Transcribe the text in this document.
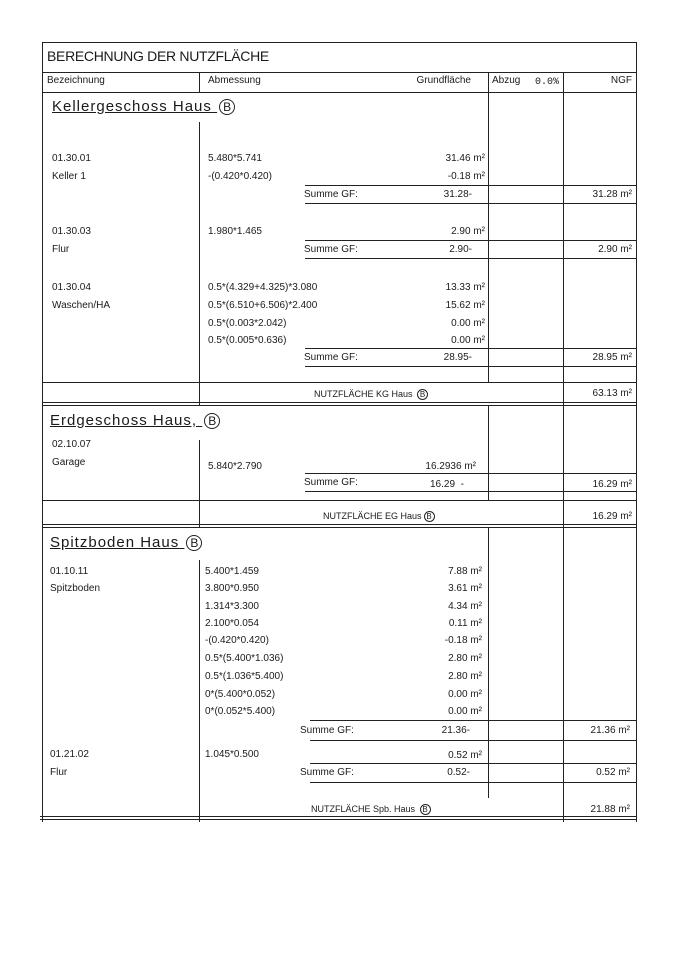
BERECHNUNG DER NUTZFLÄCHE
Bezeichnung	Abmessung	Grundfläche Abzug 0.0%	NGF
Kellergeschoss Haus B
01.30.01
Keller 1
5.480*5.741	31.46 m²
-(0.420*0.420)	-0.18 m²
Summe GF:	31.28-	31.28 m²
01.30.03
Flur
1.980*1.465	2.90 m²
Summe GF:	2.90-	2.90 m²
01.30.04
Waschen/HA
0.5*(4.329+4.325)*3.080	13.33 m²
0.5*(6.510+6.506)*2.400	15.62 m²
0.5*(0.003*2.042)	0.00 m²
0.5*(0.005*0.636)	0.00 m²
Summe GF:	28.95-	28.95 m²
NUTZFLÄCHE KG Haus B	63.13 m²
Erdgeschoss Haus, B
02.10.07
Garage	5.840*2.790	16.2936 m²
Summe GF:	16.29  -	16.29 m²
NUTZFLÄCHE EG Haus B	16.29 m²
Spitzboden Haus B
01.10.11
Spitzboden
5.400*1.459	7.88 m²
3.800*0.950	3.61 m²
1.314*3.300	4.34 m²
2.100*0.054	0.11 m²
-(0.420*0.420)	-0.18 m²
0.5*(5.400*1.036)	2.80 m²
0.5*(1.036*5.400)	2.80 m²
0*(5.400*0.052)	0.00 m²
0*(0.052*5.400)	0.00 m²
Summe GF:	21.36-	21.36 m²
01.21.02
Flur
1.045*0.500	0.52 m²
Summe GF:	0.52-	0.52 m²
NUTZFLÄCHE Spb. Haus B	21.88 m²
